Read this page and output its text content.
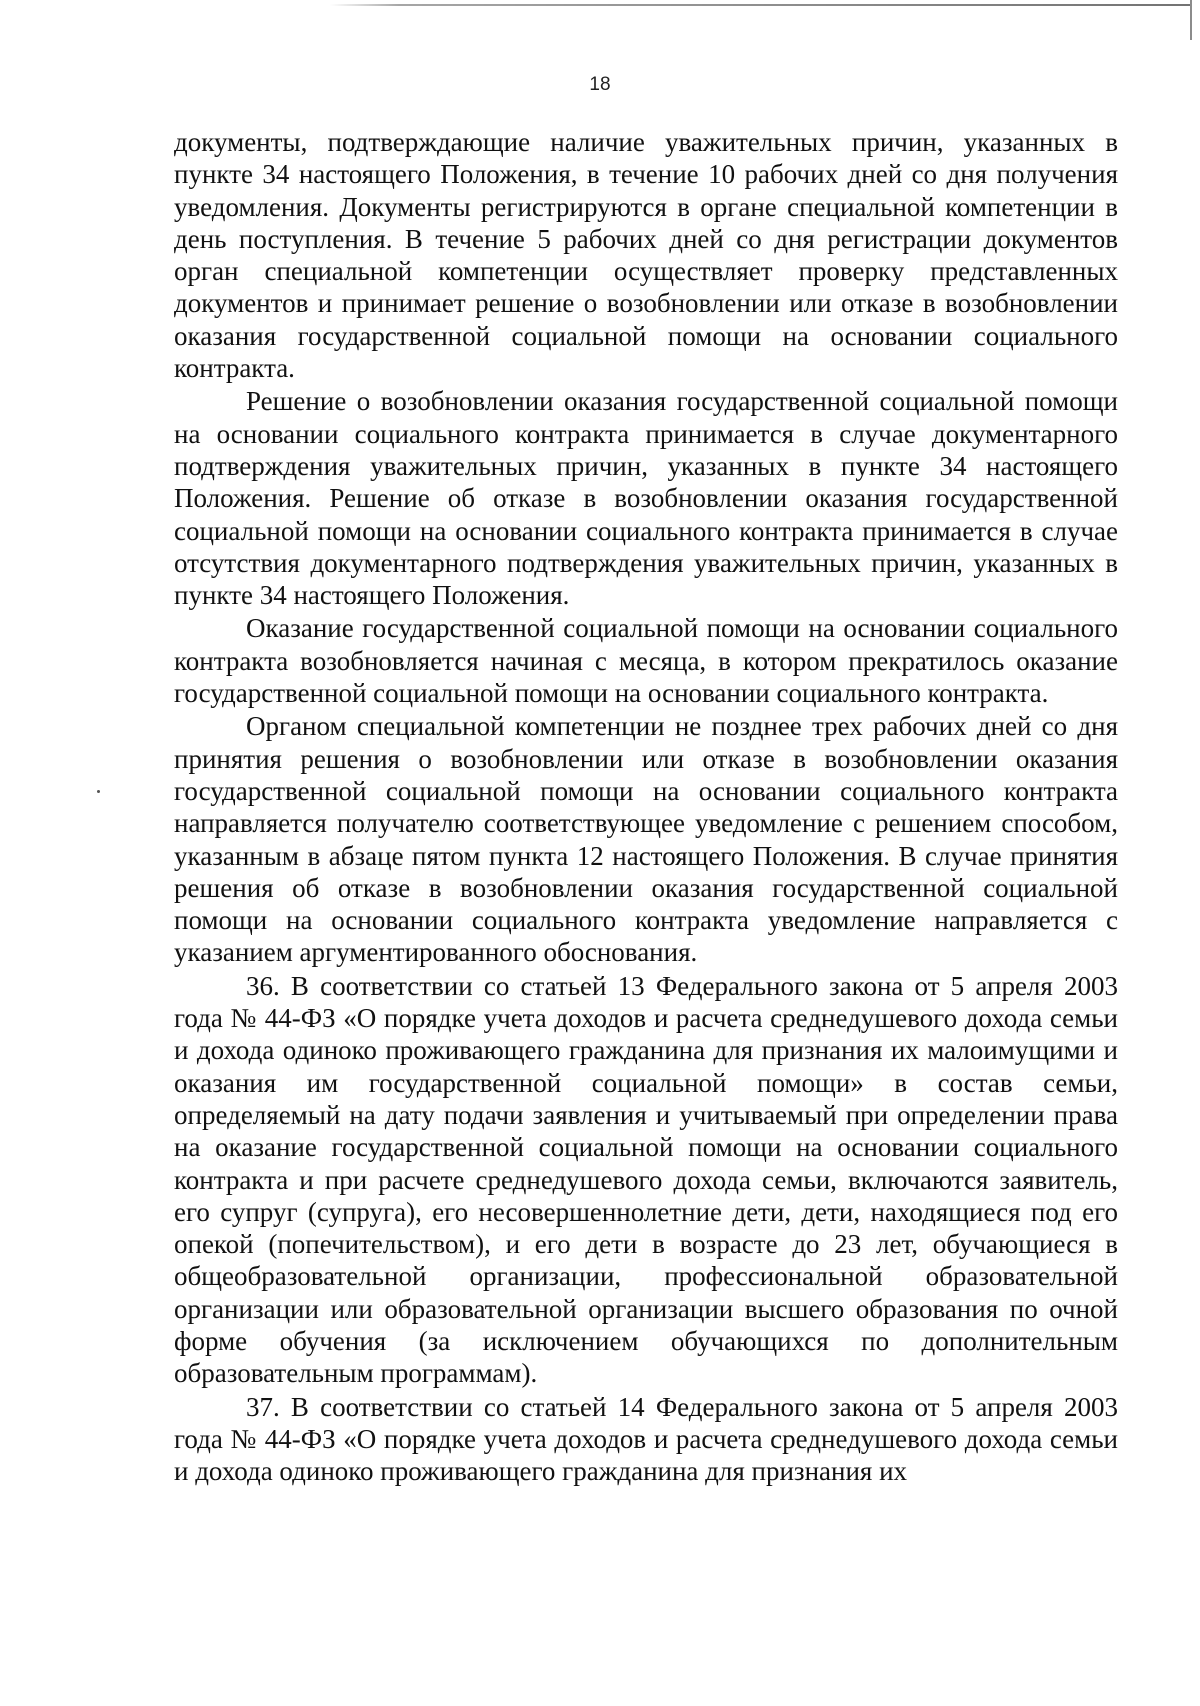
18

документы, подтверждающие наличие уважительных причин, указанных в пункте 34 настоящего Положения, в течение 10 рабочих дней со дня получения уведомления. Документы регистрируются в органе специальной компетенции в день поступления. В течение 5 рабочих дней со дня регистрации документов орган специальной компетенции осуществляет проверку представленных документов и принимает решение о возобновлении или отказе в возобновлении оказания государственной социальной помощи на основании социального контракта.

Решение о возобновлении оказания государственной социальной помощи на основании социального контракта принимается в случае документарного подтверждения уважительных причин, указанных в пункте 34 настоящего Положения. Решение об отказе в возобновлении оказания государственной социальной помощи на основании социального контракта принимается в случае отсутствия документарного подтверждения уважительных причин, указанных в пункте 34 настоящего Положения.

Оказание государственной социальной помощи на основании социального контракта возобновляется начиная с месяца, в котором прекратилось оказание государственной социальной помощи на основании социального контракта.

Органом специальной компетенции не позднее трех рабочих дней со дня принятия решения о возобновлении или отказе в возобновлении оказания государственной социальной помощи на основании социального контракта направляется получателю соответствующее уведомление с решением способом, указанным в абзаце пятом пункта 12 настоящего Положения. В случае принятия решения об отказе в возобновлении оказания государственной социальной помощи на основании социального контракта уведомление направляется с указанием аргументированного обоснования.

36. В соответствии со статьей 13 Федерального закона от 5 апреля 2003 года № 44-ФЗ «О порядке учета доходов и расчета среднедушевого дохода семьи и дохода одиноко проживающего гражданина для признания их малоимущими и оказания им государственной социальной помощи» в состав семьи, определяемый на дату подачи заявления и учитываемый при определении права на оказание государственной социальной помощи на основании социального контракта и при расчете среднедушевого дохода семьи, включаются заявитель, его супруг (супруга), его несовершеннолетние дети, дети, находящиеся под его опекой (попечительством), и его дети в возрасте до 23 лет, обучающиеся в общеобразовательной организации, профессиональной образовательной организации или образовательной организации высшего образования по очной форме обучения (за исключением обучающихся по дополнительным образовательным программам).

37. В соответствии со статьей 14 Федерального закона от 5 апреля 2003 года № 44-ФЗ «О порядке учета доходов и расчета среднедушевого дохода семьи и дохода одиноко проживающего гражданина для признания их
